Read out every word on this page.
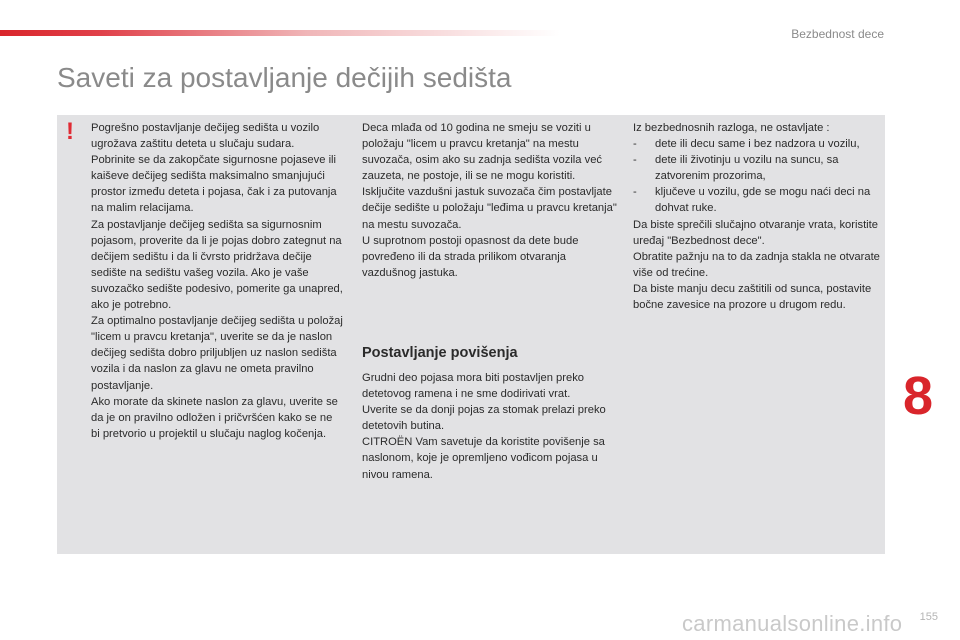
Bezbednost dece
Saveti za postavljanje dečijih sedišta
! Pogrešno postavljanje dečijeg sedišta u vozilo ugrožava zaštitu deteta u slučaju sudara.

Pobrinite se da zakopčate sigurnosne pojaseve ili kaiševe dečijeg sedišta maksimalno smanjujući prostor između deteta i pojasa, čak i za putovanja na malim relacijama.

Za postavljanje dečijeg sedišta sa sigurnosnim pojasom, proverite da li je pojas dobro zategnut na dečijem sedištu i da li čvrsto pridržava dečije sedište na sedištu vašeg vozila. Ako je vaše suvozačko sedište podesivo, pomerite ga unapred, ako je potrebno.

Za optimalno postavljanje dečijeg sedišta u položaj "licem u pravcu kretanja", uverite se da je naslon dečijeg sedišta dobro priljubljen uz naslon sedišta vozila i da naslon za glavu ne ometa pravilno postavljanje.

Ako morate da skinete naslon za glavu, uverite se da je on pravilno odložen i pričvršćen kako se ne bi pretvorio u projektil u slučaju naglog kočenja.

Deca mlađa od 10 godina ne smeju se voziti u položaju "licem u pravcu kretanja" na mestu suvozača, osim ako su zadnja sedišta vozila već zauzeta, ne postoje, ili se ne mogu koristiti.

Isključite vazdušni jastuk suvozača čim postavljate dečije sedište u položaju "leđima u pravcu kretanja" na mestu suvozača.

U suprotnom postoji opasnost da dete bude povređeno ili da strada prilikom otvaranja vazdušnog jastuka.

Postavljanje povišenja

Grudni deo pojasa mora biti postavljen preko detetovog ramena i ne sme dodirivati vrat.

Uverite se da donji pojas za stomak prelazi preko detetovih butina.

CITROËN Vam savetuje da koristite povišenje sa naslonom, koje je opremljeno vođicom pojasa u nivou ramena.

Iz bezbednosnih razloga, ne ostavljate :

-	dete ili decu same i bez nadzora u vozilu,
-	dete ili životinju u vozilu na suncu, sa zatvorenim prozorima,
-	ključeve u vozilu, gde se mogu naći deci na dohvat ruke.

Da biste sprečili slučajno otvaranje vrata, koristite uređaj "Bezbednost dece".

Obratite pažnju na to da zadnja stakla ne otvarate više od trećine.

Da biste manju decu zaštitili od sunca, postavite bočne zavesice na prozore u drugom redu.

8
carmanualsonline.info 155
